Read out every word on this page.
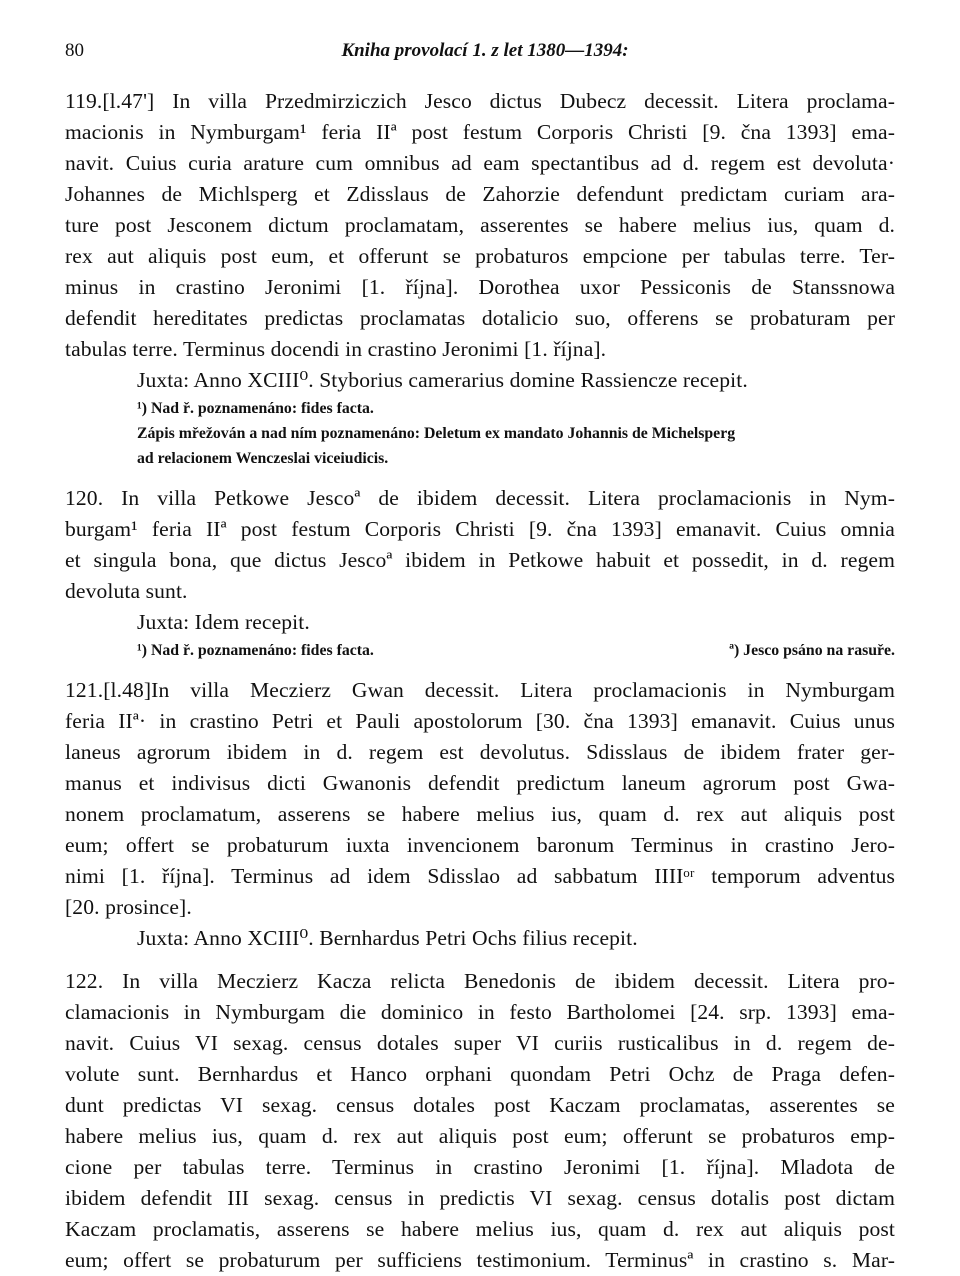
80	Kniha provolací 1. z let 1380—1394:
119.[l.47'] In villa Przedmirziczich Jesco dictus Dubecz decessit. Litera proclama-
macionis in Nymburgam¹ feria IIª post festum Corporis Christi [9. čna 1393] ema-
navit. Cuius curia arature cum omnibus ad eam spectantibus ad d. regem est devoluta·
Johannes de Michlsperg et Zdisslaus de Zahorzie defendunt predictam curiam ara-
ture post Jesconem dictum proclamatam, asserentes se habere melius ius, quam d.
rex aut aliquis post eum, et offerunt se probaturos empcione per tabulas terre. Ter-
minus in crastino Jeronimi [1. října]. Dorothea uxor Pessiconis de Stanssnowa
defendit hereditates predictas proclamatas dotalicio suo, offerens se probaturam per
tabulas terre. Terminus docendi in crastino Jeronimi [1. října].
Juxta: Anno XCIII⁰. Styborius camerarius domine Rassiencze recepit.
¹) Nad ř. poznamenáno: fides facta.
Zápis mřežován a nad ním poznamenáno: Deletum ex mandato Johannis de Michelsperg
ad relacionem Wenczeslai viceiudicis.
120. In villa Petkowe Jescoª de ibidem decessit. Litera proclamacionis in Nym-
burgam¹ feria IIª post festum Corporis Christi [9. čna 1393] emanavit. Cuius omnia
et singula bona, que dictus Jescoª ibidem in Petkowe habuit et possedit, in d. regem
devoluta sunt.
Juxta: Idem recepit.
¹) Nad ř. poznamenáno: fides facta.	ª) Jesco psáno na rasuře.
121.[l.48]In villa Meczierz Gwan decessit. Litera proclamacionis in Nymburgam
feria IIª· in crastino Petri et Pauli apostolorum [30. čna 1393] emanavit. Cuius unus
laneus agrorum ibidem in d. regem est devolutus. Sdisslaus de ibidem frater ger-
manus et indivisus dicti Gwanonis defendit predictum laneum agrorum post Gwa-
nonem proclamatum, asserens se habere melius ius, quam d. rex aut aliquis post
eum; offert se probaturum iuxta invencionem baronum Terminus in crastino Jero-
nimi [1. října]. Terminus ad idem Sdisslao ad sabbatum IIIIᵒʳ temporum adventus
[20. prosince].
Juxta: Anno XCIII⁰. Bernhardus Petri Ochs filius recepit.
122. In villa Meczierz Kacza relicta Benedonis de ibidem decessit. Litera pro-
clamacionis in Nymburgam die dominico in festo Bartholomei [24. srp. 1393] ema-
navit. Cuius VI sexag. census dotales super VI curiis rusticalibus in d. regem de-
volute sunt. Bernhardus et Hanco orphani quondam Petri Ochz de Praga defen-
dunt predictas VI sexag. census dotales post Kaczam proclamatas, asserentes se
habere melius ius, quam d. rex aut aliquis post eum; offerunt se probaturos emp-
cione per tabulas terre. Terminus in crastino Jeronimi [1. října]. Mladota de
ibidem defendit III sexag. census in predictis VI sexag. census dotalis post dictam
Kaczam proclamatis, asserens se habere melius ius, quam d. rex aut aliquis post
eum; offert se probaturum per sufficiens testimonium. Terminusª in crastino s. Mar-
